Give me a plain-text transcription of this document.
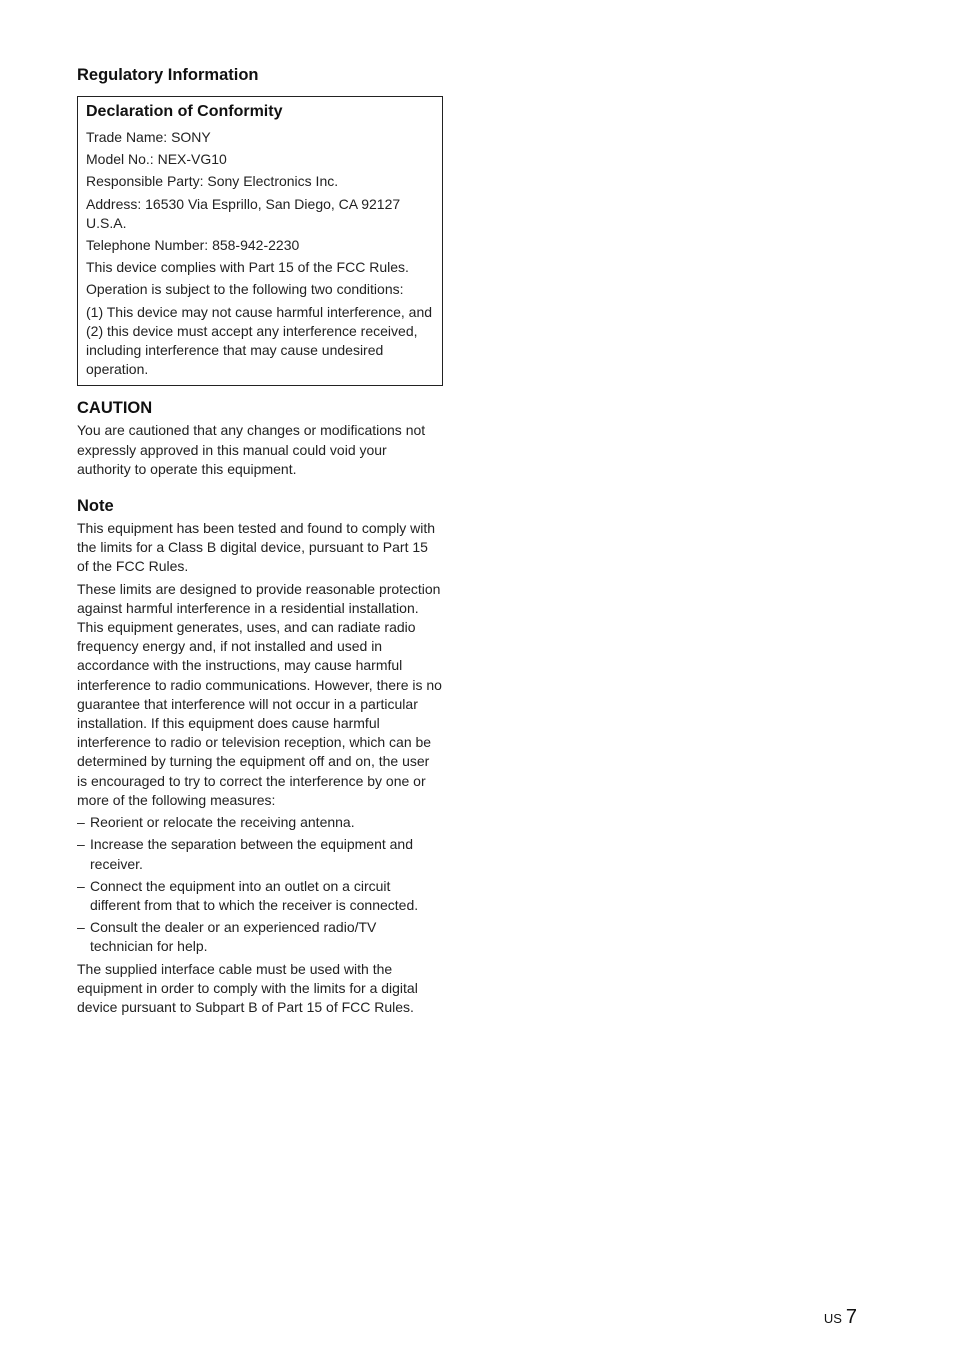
Regulatory Information
Declaration of Conformity

Trade Name: SONY

Model No.: NEX-VG10

Responsible Party: Sony Electronics Inc.

Address: 16530 Via Esprillo, San Diego, CA 92127 U.S.A.

Telephone Number: 858-942-2230

This device complies with Part 15 of the FCC Rules.

Operation is subject to the following two conditions:

(1) This device may not cause harmful interference, and (2) this device must accept any interference received, including interference that may cause undesired operation.

CAUTION

You are cautioned that any changes or modifications not expressly approved in this manual could void your authority to operate this equipment.

Note

This equipment has been tested and found to comply with the limits for a Class B digital device, pursuant to Part 15 of the FCC Rules.

These limits are designed to provide reasonable protection against harmful interference in a residential installation. This equipment generates, uses, and can radiate radio frequency energy and, if not installed and used in accordance with the instructions, may cause harmful interference to radio communications. However, there is no guarantee that interference will not occur in a particular installation. If this equipment does cause harmful interference to radio or television reception, which can be determined by turning the equipment off and on, the user is encouraged to try to correct the interference by one or more of the following measures:

– Reorient or relocate the receiving antenna.
– Increase the separation between the equipment and receiver.
– Connect the equipment into an outlet on a circuit different from that to which the receiver is connected.
– Consult the dealer or an experienced radio/TV technician for help.

The supplied interface cable must be used with the equipment in order to comply with the limits for a digital device pursuant to Subpart B of Part 15 of FCC Rules.

US 7
